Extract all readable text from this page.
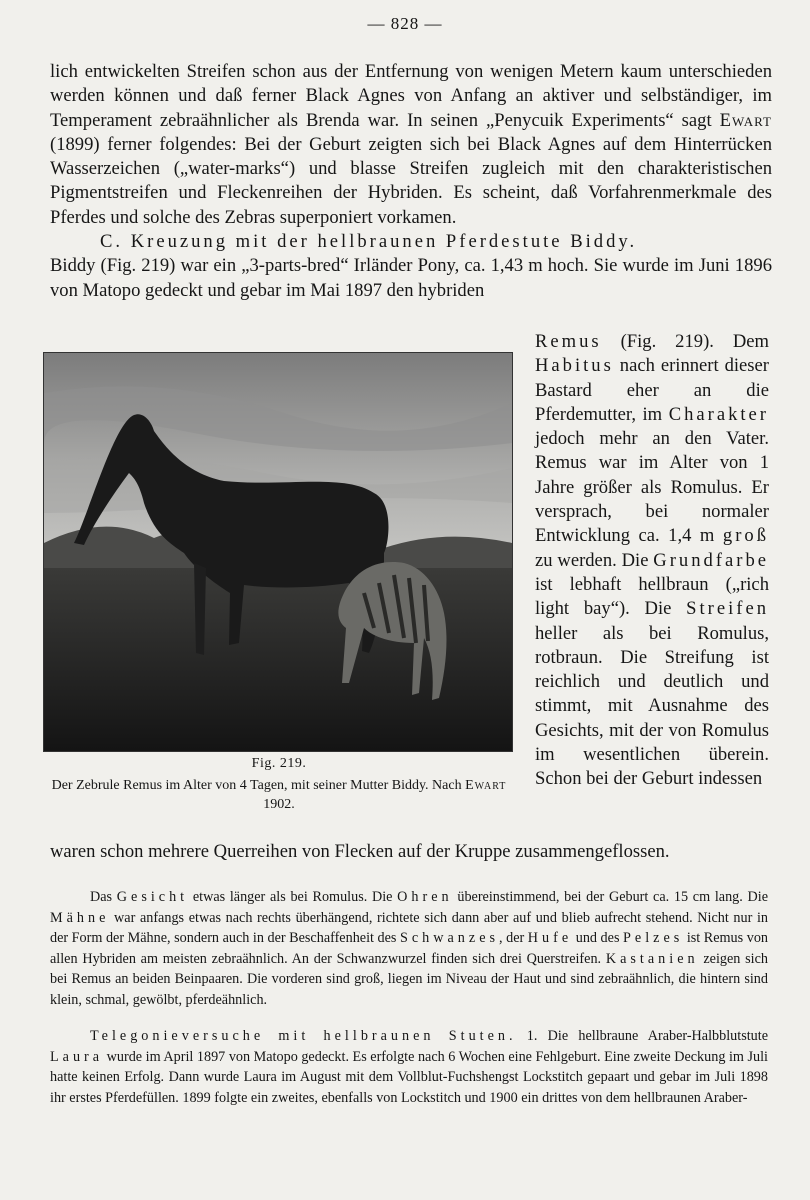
— 828 —

lich entwickelten Streifen schon aus der Entfernung von wenigen Metern kaum unterschieden werden können und daß ferner Black Agnes von Anfang an aktiver und selbständiger, im Temperament zebraähnlicher als Brenda war. In seinen „Penycuik Experiments“ sagt Ewart (1899) ferner folgendes: Bei der Geburt zeigten sich bei Black Agnes auf dem Hinterrücken Wasserzeichen („water-marks“) und blasse Streifen zugleich mit den charakteristischen Pigmentstreifen und Fleckenreihen der Hybriden. Es scheint, daß Vorfahrenmerkmale des Pferdes und solche des Zebras superponiert vorkamen.

C. Kreuzung mit der hellbraunen Pferdestute Biddy.

Biddy (Fig. 219) war ein „3-parts-bred“ Irländer Pony, ca. 1,43 m hoch. Sie wurde im Juni 1896 von Matopo gedeckt und gebar im Mai 1897 den hybriden

Fig. 219.
Der Zebrule Remus im Alter von 4 Tagen, mit seiner Mutter Biddy. Nach Ewart 1902.

Remus (Fig. 219). Dem Habitus nach erinnert dieser Bastard eher an die Pferdemutter, im Charakter jedoch mehr an den Vater. Remus war im Alter von 1 Jahre größer als Romulus. Er versprach, bei normaler Entwicklung ca. 1,4 m groß zu werden. Die Grundfarbe ist lebhaft hellbraun („rich light bay“). Die Streifen heller als bei Romulus, rotbraun. Die Streifung ist reichlich und deutlich und stimmt, mit Ausnahme des Gesichts, mit der von Romulus im wesentlichen überein. Schon bei der Geburt indessen

waren schon mehrere Querreihen von Flecken auf der Kruppe zusammengeflossen.

Das Gesicht etwas länger als bei Romulus. Die Ohren übereinstimmend, bei der Geburt ca. 15 cm lang. Die Mähne war anfangs etwas nach rechts überhängend, richtete sich dann aber auf und blieb aufrecht stehend. Nicht nur in der Form der Mähne, sondern auch in der Beschaffenheit des Schwanzes, der Hufe und des Pelzes ist Remus von allen Hybriden am meisten zebraähnlich. An der Schwanzwurzel finden sich drei Querstreifen. Kastanien zeigen sich bei Remus an beiden Beinpaaren. Die vorderen sind groß, liegen im Niveau der Haut und sind zebraähnlich, die hintern sind klein, schmal, gewölbt, pferdeähnlich.

Telegonieversuche mit hellbraunen Stuten. 1. Die hellbraune Araber-Halbblutstute Laura wurde im April 1897 von Matopo gedeckt. Es erfolgte nach 6 Wochen eine Fehlgeburt. Eine zweite Deckung im Juli hatte keinen Erfolg. Dann wurde Laura im August mit dem Vollblut-Fuchshengst Lockstitch gepaart und gebar im Juli 1898 ihr erstes Pferdefüllen. 1899 folgte ein zweites, ebenfalls von Lockstitch und 1900 ein drittes von dem hellbraunen Araber-
